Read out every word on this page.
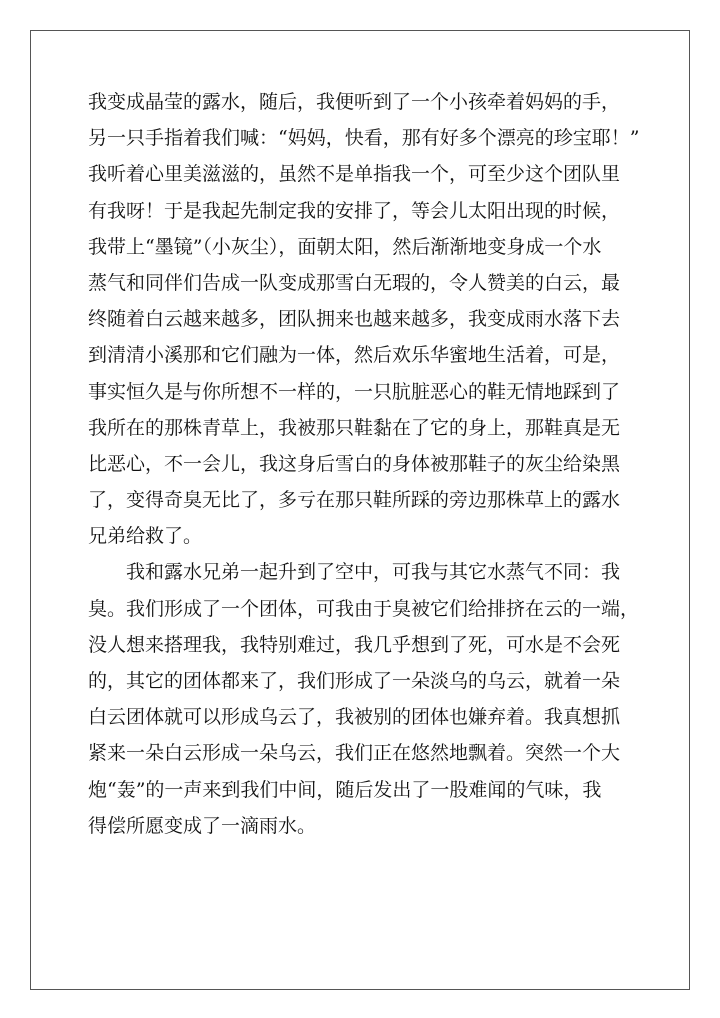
我变成晶莹的露水，随后，我便听到了一个小孩牵着妈妈的手，
另一只手指着我们喊：“妈妈，快看，那有好多个漂亮的珍宝耶！”
我听着心里美滋滋的，虽然不是单指我一个，可至少这个团队里
有我呀！于是我起先制定我的安排了，等会儿太阳出现的时候，
我带上“墨镜”（小灰尘），面朝太阳，然后渐渐地变身成一个水
蒸气和同伴们告成一队变成那雪白无瑕的，令人赞美的白云，最
终随着白云越来越多，团队拥来也越来越多，我变成雨水落下去
到清清小溪那和它们融为一体，然后欢乐华蜜地生活着，可是，
事实恒久是与你所想不一样的，一只肮脏恶心的鞋无情地踩到了
我所在的那株青草上，我被那只鞋黏在了它的身上，那鞋真是无
比恶心，不一会儿，我这身后雪白的身体被那鞋子的灰尘给染黑
了，变得奇臭无比了，多亏在那只鞋所踩的旁边那株草上的露水
兄弟给救了。
我和露水兄弟一起升到了空中，可我与其它水蒸气不同：我
臭。我们形成了一个团体，可我由于臭被它们给排挤在云的一端，
没人想来搭理我，我特别难过，我几乎想到了死，可水是不会死
的，其它的团体都来了，我们形成了一朵淡乌的乌云，就着一朵
白云团体就可以形成乌云了，我被别的团体也嫌弃着。我真想抓
紧来一朵白云形成一朵乌云，我们正在悠然地飘着。突然一个大
炮“轰”的一声来到我们中间，随后发出了一股难闻的气味，我
得偿所愿变成了一滴雨水。
